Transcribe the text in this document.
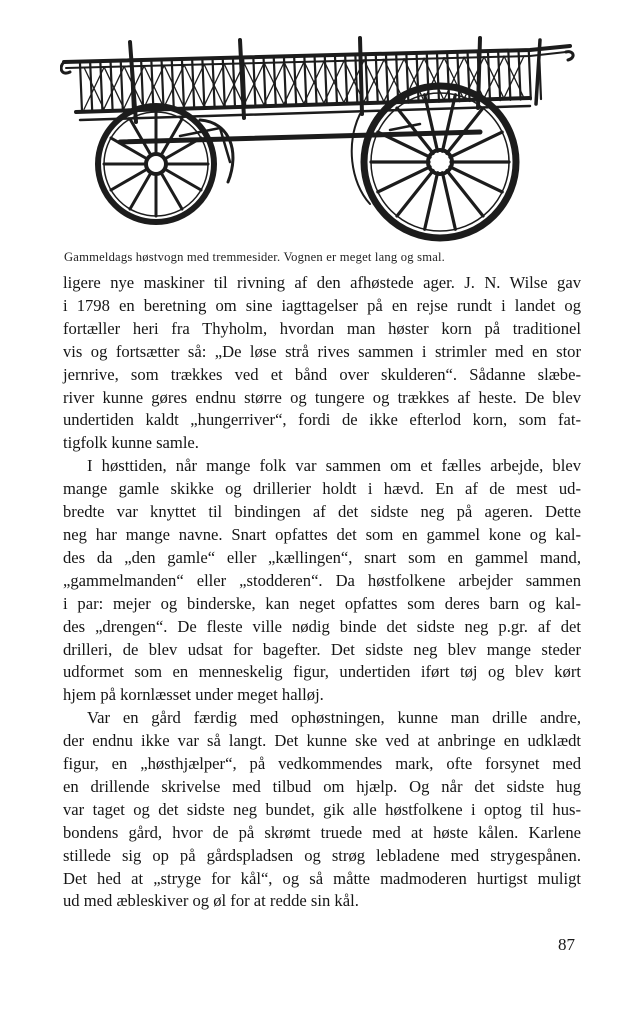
Gammeldags høstvogn med tremmesider. Vognen er meget lang og smal.

ligere nye maskiner til rivning af den afhøstede ager. J. N. Wilse gav
i 1798 en beretning om sine iagttagelser på en rejse rundt i landet og
fortæller heri fra Thyholm, hvordan man høster korn på traditionel
vis og fortsætter så: „De løse strå rives sammen i strimler med en stor
jernrive, som trækkes ved et bånd over skulderen“. Sådanne slæbe-
river kunne gøres endnu større og tungere og trækkes af heste. De blev
undertiden kaldt „hungerriver“, fordi de ikke efterlod korn, som fat-
tigfolk kunne samle.

I høsttiden, når mange folk var sammen om et fælles arbejde, blev
mange gamle skikke og drillerier holdt i hævd. En af de mest ud-
bredte var knyttet til bindingen af det sidste neg på ageren. Dette
neg har mange navne. Snart opfattes det som en gammel kone og kal-
des da „den gamle“ eller „kællingen“, snart som en gammel mand,
„gammelmanden“ eller „stodderen“. Da høstfolkene arbejder sammen
i par: mejer og binderske, kan neget opfattes som deres barn og kal-
des „drengen“. De fleste ville nødig binde det sidste neg p.gr. af det
drilleri, de blev udsat for bagefter. Det sidste neg blev mange steder
udformet som en menneskelig figur, undertiden iført tøj og blev kørt
hjem på kornlæsset under meget halløj.

Var en gård færdig med ophøstningen, kunne man drille andre,
der endnu ikke var så langt. Det kunne ske ved at anbringe en udklædt
figur, en „høsthjælper“, på vedkommendes mark, ofte forsynet med
en drillende skrivelse med tilbud om hjælp. Og når det sidste hug
var taget og det sidste neg bundet, gik alle høstfolkene i optog til hus-
bondens gård, hvor de på skrømt truede med at høste kålen. Karlene
stillede sig op på gårdspladsen og strøg lebladene med strygespånen.
Det hed at „stryge for kål“, og så måtte madmoderen hurtigst muligt
ud med æbleskiver og øl for at redde sin kål.

87
